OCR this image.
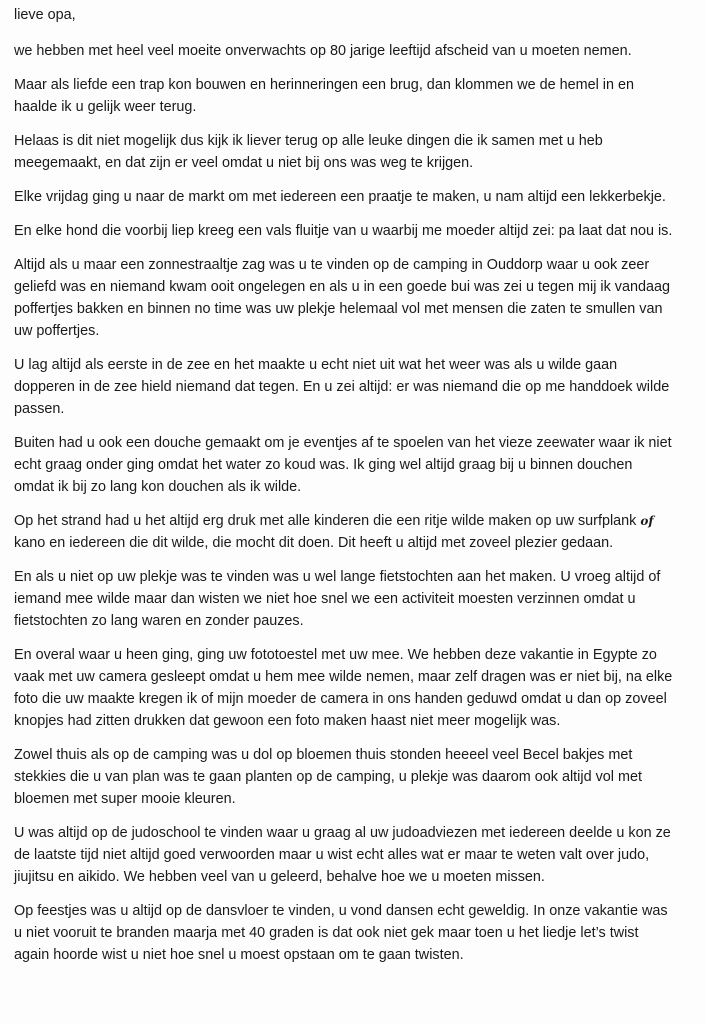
lieve opa,

we hebben met heel veel moeite onverwachts op 80 jarige leeftijd afscheid van u moeten nemen.

Maar als liefde een trap kon bouwen en herinneringen een brug, dan klommen we de hemel in en haalde ik u gelijk weer terug.

Helaas is dit niet mogelijk dus kijk ik liever terug op alle leuke dingen die ik samen met u heb meegemaakt, en dat zijn er veel omdat u niet bij ons was weg te krijgen.

Elke vrijdag ging u naar de markt om met iedereen een praatje te maken, u nam altijd een lekkerbekje.

En elke hond die voorbij liep kreeg een vals fluitje van u waarbij me moeder altijd zei: pa laat dat nou is.

Altijd als u maar een zonnestraaltje zag was u te vinden op de camping in Ouddorp waar u ook zeer geliefd was en niemand kwam ooit ongelegen en als u in een goede bui was zei u tegen mij ik vandaag poffertjes bakken en binnen no time was uw plekje helemaal vol met mensen die zaten te smullen van uw poffertjes.

U lag altijd als eerste in de zee en het maakte u echt niet uit wat het weer was als u wilde gaan dopperen in de zee hield niemand dat tegen. En u zei altijd: er was niemand die op me handdoek wilde passen.

Buiten had u ook een douche gemaakt om je eventjes af te spoelen van het vieze zeewater waar ik niet echt graag onder ging omdat het water zo koud was. Ik ging wel altijd graag bij u binnen douchen omdat ik bij zo lang kon douchen als ik wilde.

Op het strand had u het altijd erg druk met alle kinderen die een ritje wilde maken op uw surfplank of kano en iedereen die dit wilde, die mocht dit doen. Dit heeft u altijd met zoveel plezier gedaan.

En als u niet op uw plekje was te vinden was u wel lange fietstochten aan het maken. U vroeg altijd of iemand mee wilde maar dan wisten we niet hoe snel we een activiteit moesten verzinnen omdat u fietstochten zo lang waren en zonder pauzes.

En overal waar u heen ging, ging uw fototoestel met uw mee. We hebben deze vakantie in Egypte zo vaak met uw camera gesleept omdat u hem mee wilde nemen, maar zelf dragen was er niet bij, na elke foto die uw maakte kregen ik of mijn moeder de camera in ons handen geduwd omdat u dan op zoveel knopjes had zitten drukken dat gewoon een foto maken haast niet meer mogelijk was.

Zowel thuis als op de camping was u dol op bloemen thuis stonden heeeel veel Becel bakjes met stekkies die u van plan was te gaan planten op de camping, u plekje was daarom ook altijd vol met bloemen met super mooie kleuren.

U was altijd op de judoschool te vinden waar u graag al uw judoadviezen met iedereen deelde u kon ze de laatste tijd niet altijd goed verwoorden maar u wist echt alles wat er maar te weten valt over judo, jiujitsu en aikido. We hebben veel van u geleerd, behalve hoe we u moeten missen.

Op feestjes was u altijd op de dansvloer te vinden, u vond dansen echt geweldig. In onze vakantie was u niet vooruit te branden maarja met 40 graden is dat ook niet gek maar toen u het liedje let’s twist again hoorde wist u niet hoe snel u moest opstaan om te gaan twisten.
